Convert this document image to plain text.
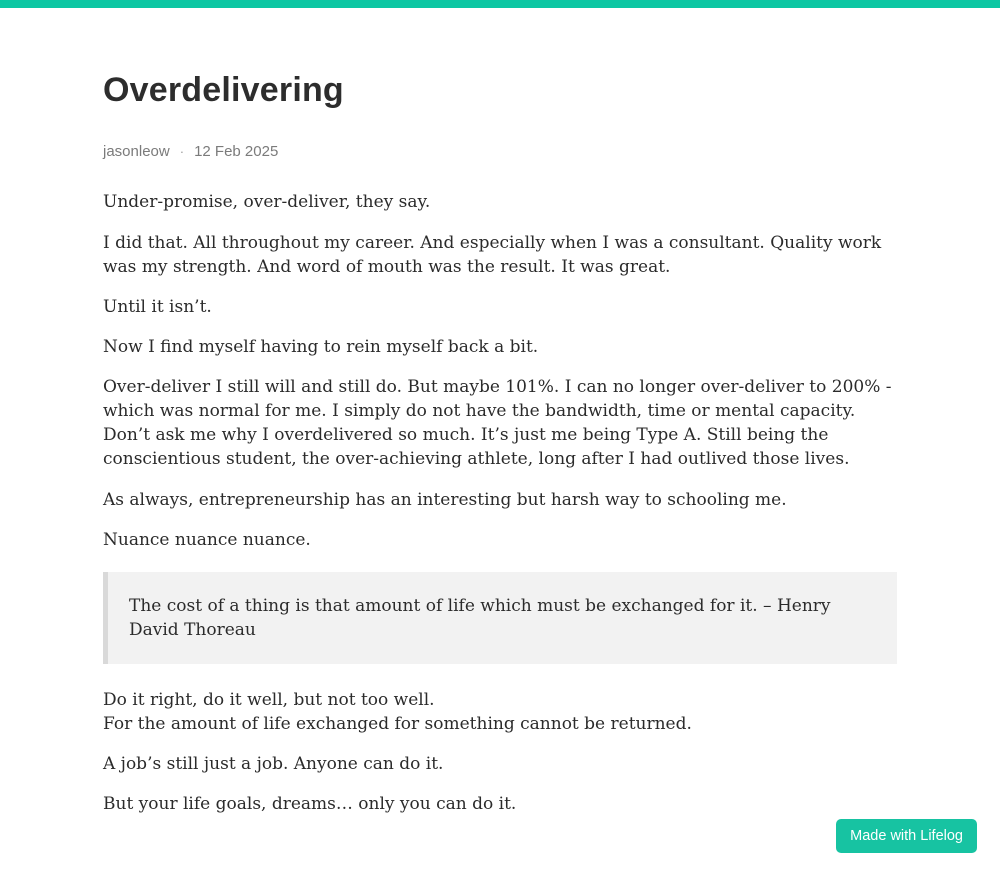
Overdelivering
jasonleow · 12 Feb 2025

Under-promise, over-deliver, they say.

I did that. All throughout my career. And especially when I was a consultant. Quality work was my strength. And word of mouth was the result. It was great.

Until it isn’t.

Now I find myself having to rein myself back a bit.

Over-deliver I still will and still do. But maybe 101%. I can no longer over-deliver to 200% - which was normal for me. I simply do not have the bandwidth, time or mental capacity. Don’t ask me why I overdelivered so much. It’s just me being Type A. Still being the conscientious student, the over-achieving athlete, long after I had outlived those lives.

As always, entrepreneurship has an interesting but harsh way to schooling me.

Nuance nuance nuance.

The cost of a thing is that amount of life which must be exchanged for it. – Henry David Thoreau

Do it right, do it well, but not too well.
For the amount of life exchanged for something cannot be returned.

A job’s still just a job. Anyone can do it.

But your life goals, dreams… only you can do it.

Made with Lifelog
